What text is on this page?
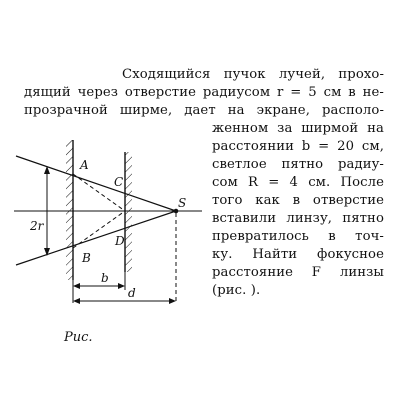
Сходящийся пучок лучей, прохо-
дящий через отверстие радиусом r = 5 см в не-
прозрачной ширме, дает на экране, располо-
женном за ширмой на
расстоянии b = 20 см,
светлое пятно радиу-
сом R = 4 см. После
того как в отверстие
вставили линзу, пятно
превратилось в точ-
ку. Найти фокусное
расстояние F линзы
(рис. ).
A
B
C
D
S
2r
b
d
Рис.
